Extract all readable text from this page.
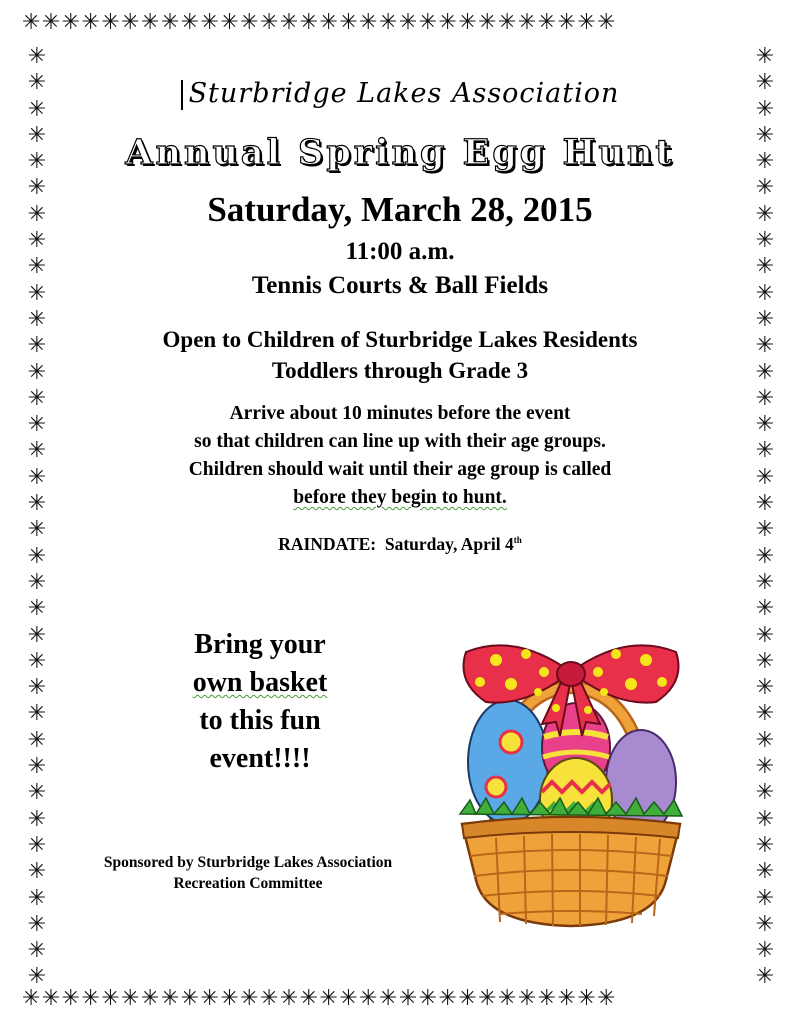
✳✳✳✳✳✳✳✳✳✳✳✳✳✳✳✳✳✳✳✳✳✳✳✳✳✳✳✳✳✳
✳✳✳✳✳✳✳✳✳✳✳✳✳✳✳✳✳✳✳✳✳✳✳✳✳✳✳✳✳✳
✳✳✳✳✳✳✳✳✳✳✳✳✳✳✳✳✳✳✳✳✳✳✳✳✳✳✳✳✳✳✳✳✳✳✳✳
✳✳✳✳✳✳✳✳✳✳✳✳✳✳✳✳✳✳✳✳✳✳✳✳✳✳✳✳✳✳✳✳✳✳✳✳
Sturbridge Lakes Association
Annual Spring Egg Hunt
Saturday, March 28, 2015
11:00 a.m.
Tennis Courts & Ball Fields
Open to Children of Sturbridge Lakes Residents
Toddlers through Grade 3
Arrive about 10 minutes before the event
so that children can line up with their age groups.
Children should wait until their age group is called
before they begin to hunt.
RAINDATE: Saturday, April 4th
Bring your
own basket
to this fun
event!!!!
Sponsored by Sturbridge Lakes Association
Recreation Committee
